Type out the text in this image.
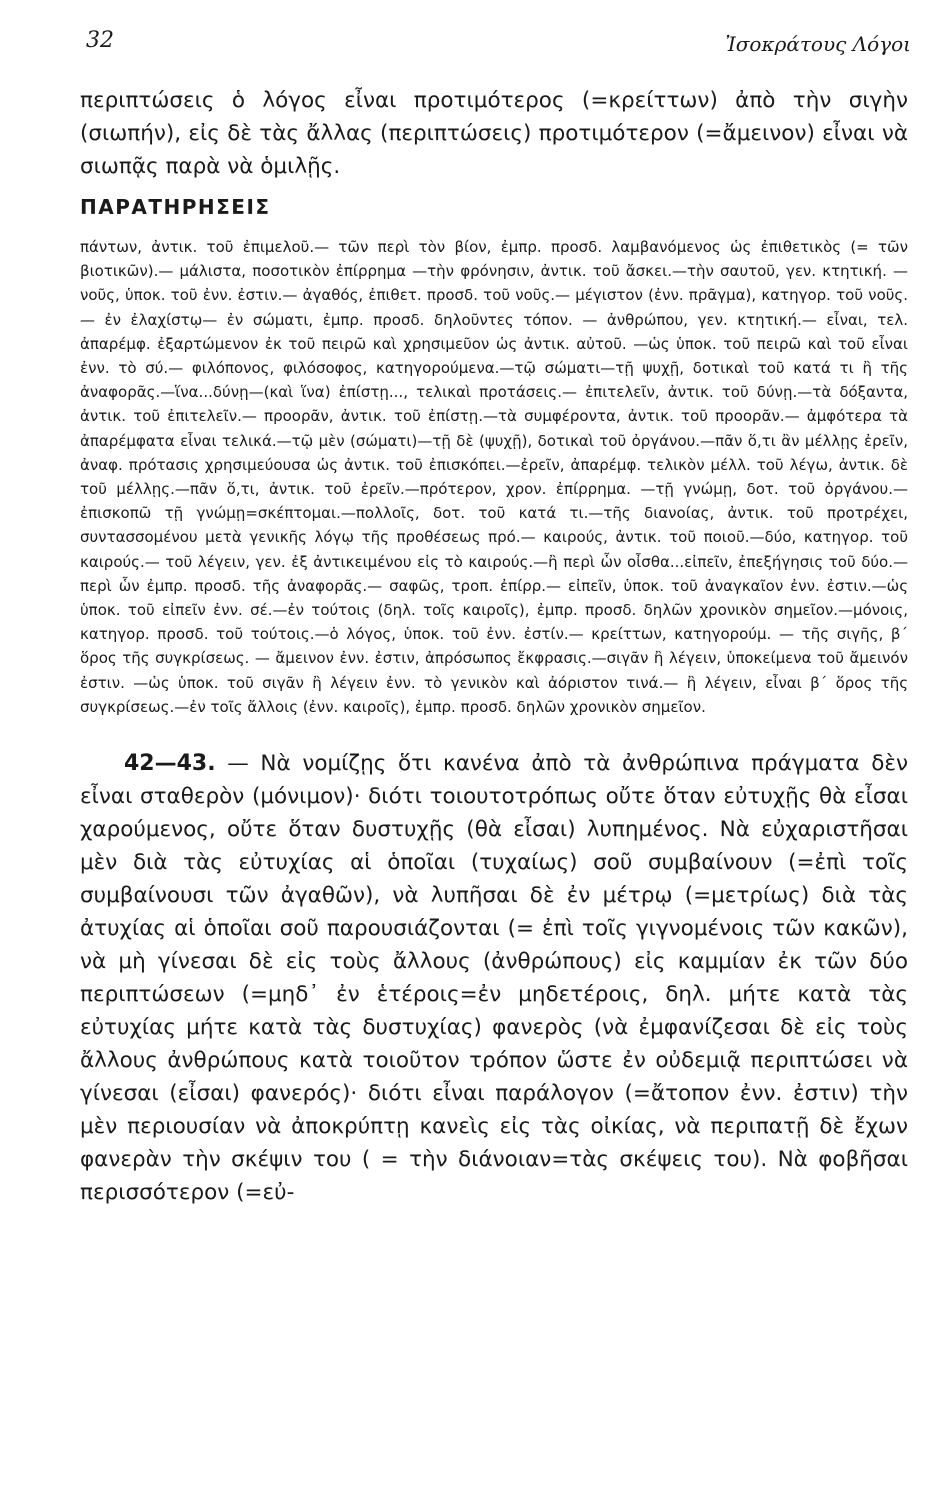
32	Ἰσοκράτους Λόγοι

περιπτώσεις ὁ λόγος εἶναι προτιμότερος (=κρείττων) ἀπὸ τὴν σιγὴν (σιωπήν), εἰς δὲ τὰς ἄλλας (περιπτώσεις) προτιμότερον (=ἄμεινον) εἶναι νὰ σιωπᾷς παρὰ νὰ ὁμιλῇς.

ΠΑΡΑΤΗΡΗΣΕΙΣ

πάντων, ἀντικ. τοῦ ἐπιμελοῦ.— τῶν περὶ τὸν βίον, ἐμπρ. προσδ. λαμβανόμενος ὡς ἐπιθετικὸς (= τῶν βιοτικῶν).— μάλιστα, ποσοτικὸν ἐπίρρημα —τὴν φρόνησιν, ἀντικ. τοῦ ἄσκει.—τὴν σαυτοῦ, γεν. κτητική. —νοῦς, ὑποκ. τοῦ ἐνν. ἐστιν.— ἀγαθός, ἐπιθετ. προσδ. τοῦ νοῦς.— μέγιστον (ἐνν. πρᾶγμα), κατηγορ. τοῦ νοῦς.— ἐν ἐλαχίστῳ— ἐν σώματι, ἐμπρ. προσδ. δηλοῦντες τόπον. — ἀνθρώπου, γεν. κτητική.— εἶναι, τελ. ἀπαρέμφ. ἐξαρτώμενον ἐκ τοῦ πειρῶ καὶ χρησιμεῦον ὡς ἀντικ. αὐτοῦ. —ὡς ὑποκ. τοῦ πειρῶ καὶ τοῦ εἶναι ἐνν. τὸ σύ.— φιλόπονος, φιλόσοφος, κατηγορούμενα.—τῷ σώματι—τῇ ψυχῇ, δοτικαὶ τοῦ κατά τι ἢ τῆς ἀναφορᾶς.—ἵνα...δύνῃ—(καὶ ἵνα) ἐπίστῃ..., τελικαὶ προτάσεις.— ἐπιτελεῖν, ἀντικ. τοῦ δύνῃ.—τὰ δόξαντα, ἀντικ. τοῦ ἐπιτελεῖν.— προορᾶν, ἀντικ. τοῦ ἐπίστῃ.—τὰ συμφέροντα, ἀντικ. τοῦ προορᾶν.— ἀμφότερα τὰ ἀπαρέμφατα εἶναι τελικά.—τῷ μὲν (σώματι)—τῇ δὲ (ψυχῇ), δοτικαὶ τοῦ ὀργάνου.—πᾶν ὅ,τι ἂν μέλλῃς ἐρεῖν, ἀναφ. πρότασις χρησιμεύουσα ὡς ἀντικ. τοῦ ἐπισκόπει.—ἐρεῖν, ἀπαρέμφ. τελικὸν μέλλ. τοῦ λέγω, ἀντικ. δὲ τοῦ μέλλῃς.—πᾶν ὅ,τι, ἀντικ. τοῦ ἐρεῖν.—πρότερον, χρον. ἐπίρρημα. —τῇ γνώμῃ, δοτ. τοῦ ὀργάνου.—ἐπισκοπῶ τῇ γνώμῃ=σκέπτομαι.—πολλοῖς, δοτ. τοῦ κατά τι.—τῆς διανοίας, ἀντικ. τοῦ προτρέχει, συντασσομένου μετὰ γενικῆς λόγῳ τῆς προθέσεως πρό.— καιρούς, ἀντικ. τοῦ ποιοῦ.—δύο, κατηγορ. τοῦ καιρούς.— τοῦ λέγειν, γεν. ἐξ ἀντικειμένου εἰς τὸ καιρούς.—ἢ περὶ ὧν οἶσθα...εἰπεῖν, ἐπεξήγησις τοῦ δύο.—περὶ ὧν ἐμπρ. προσδ. τῆς ἀναφορᾶς.— σαφῶς, τροπ. ἐπίρρ.— εἰπεῖν, ὑποκ. τοῦ ἀναγκαῖον ἐνν. ἐστιν.—ὡς ὑποκ. τοῦ εἰπεῖν ἐνν. σέ.—ἐν τούτοις (δηλ. τοῖς καιροῖς), ἐμπρ. προσδ. δηλῶν χρονικὸν σημεῖον.—μόνοις, κατηγορ. προσδ. τοῦ τούτοις.—ὁ λόγος, ὑποκ. τοῦ ἐνν. ἐστίν.— κρείττων, κατηγορούμ. — τῆς σιγῆς, β΄ ὅρος τῆς συγκρίσεως. — ἄμεινον ἐνν. ἐστιν, ἀπρόσωπος ἔκφρασις.—σιγᾶν ἢ λέγειν, ὑποκείμενα τοῦ ἄμεινόν ἐστιν. —ὡς ὑποκ. τοῦ σιγᾶν ἢ λέγειν ἐνν. τὸ γενικὸν καὶ ἀόριστον τινά.— ἢ λέγειν, εἶναι β΄ ὅρος τῆς συγκρίσεως.—ἐν τοῖς ἄλλοις (ἐνν. καιροῖς), ἐμπρ. προσδ. δηλῶν χρονικὸν σημεῖον.

42—43. — Νὰ νομίζῃς ὅτι κανένα ἀπὸ τὰ ἀνθρώπινα πράγματα δὲν εἶναι σταθερὸν (μόνιμον)· διότι τοιουτοτρόπως οὔτε ὅταν εὐτυχῇς θὰ εἶσαι χαρούμενος, οὔτε ὅταν δυστυχῇς (θὰ εἶσαι) λυπημένος. Νὰ εὐχαριστῆσαι μὲν διὰ τὰς εὐτυχίας αἱ ὁποῖαι (τυχαίως) σοῦ συμβαίνουν (=ἐπὶ τοῖς συμβαίνουσι τῶν ἀγαθῶν), νὰ λυπῆσαι δὲ ἐν μέτρῳ (=μετρίως) διὰ τὰς ἀτυχίας αἱ ὁποῖαι σοῦ παρουσιάζονται (= ἐπὶ τοῖς γιγνομένοις τῶν κακῶν), νὰ μὴ γίνεσαι δὲ εἰς τοὺς ἄλλους (ἀνθρώπους) εἰς καμμίαν ἐκ τῶν δύο περιπτώσεων (=μηδ᾽ ἐν ἑτέροις=ἐν μηδετέροις, δηλ. μήτε κατὰ τὰς εὐτυχίας μήτε κατὰ τὰς δυστυχίας) φανερὸς (νὰ ἐμφανίζεσαι δὲ εἰς τοὺς ἄλλους ἀνθρώπους κατὰ τοιοῦτον τρόπον ὥστε ἐν οὐδεμιᾷ περιπτώσει νὰ γίνεσαι (εἶσαι) φανερός)· διότι εἶναι παράλογον (=ἄτοπον ἐνν. ἐστιν) τὴν μὲν περιουσίαν νὰ ἀποκρύπτῃ κανεὶς εἰς τὰς οἰκίας, νὰ περιπατῇ δὲ ἔχων φανερὰν τὴν σκέψιν του ( = τὴν διάνοιαν=τὰς σκέψεις του). Νὰ φοβῆσαι περισσότερον (=εὐ-
